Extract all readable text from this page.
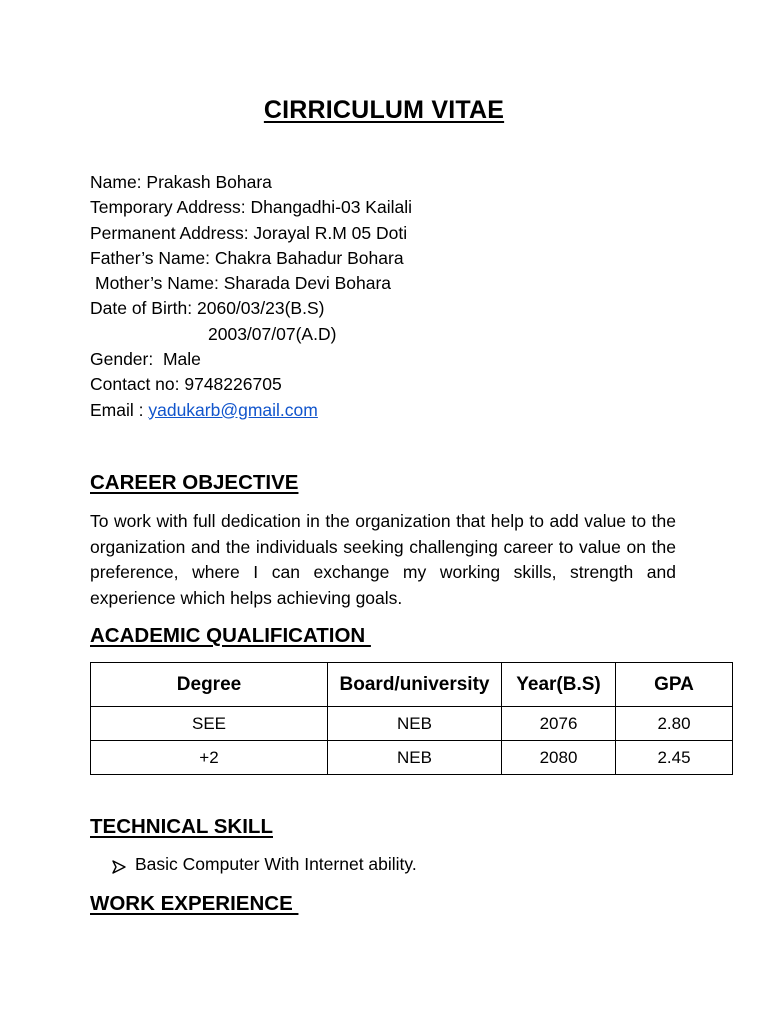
CIRRICULUM VITAE
Name: Prakash Bohara
Temporary Address: Dhangadhi-03 Kailali
Permanent Address: Jorayal R.M 05 Doti
Father’s Name: Chakra Bahadur Bohara
Mother’s Name: Sharada Devi Bohara
Date of Birth: 2060/03/23(B.S)
2003/07/07(A.D)
Gender:  Male
Contact no: 9748226705
Email : yadukarb@gmail.com
CAREER OBJECTIVE
To work with full dedication in the organization that help to add value to the organization and the individuals seeking challenging career to value on the preference, where I can exchange my working skills, strength and experience which helps achieving goals.
ACADEMIC QUALIFICATION
Degree	Board/university	Year(B.S)	GPA
SEE	NEB	2076	2.80
+2	NEB	2080	2.45
TECHNICAL SKILL
Basic Computer With Internet ability.
WORK EXPERIENCE
